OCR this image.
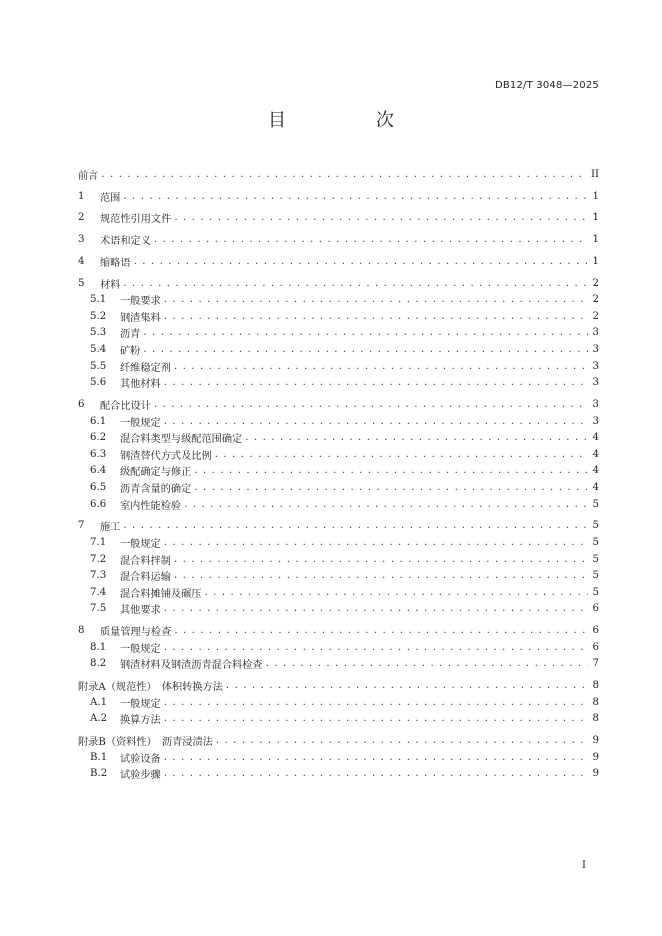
DB12/T 3048—2025
目　次
前言 . . .	II
1	范围 . . .	1
2	规范性引用文件 . . .	1
3	术语和定义 . . .	1
4	缩略语 . . .	1
5	材料 . . .	2
5.1	一般要求 . . .	2
5.2	钢渣集料 . . .	2
5.3	沥青 . . .	3
5.4	矿粉 . . .	3
5.5	纤维稳定剂 . . .	3
5.6	其他材料 . . .	3
6	配合比设计 . . .	3
6.1	一般规定 . . .	3
6.2	混合料类型与级配范围确定 . . .	4
6.3	钢渣替代方式及比例 . . .	4
6.4	级配确定与修正 . . .	4
6.5	沥青含量的确定 . . .	4
6.6	室内性能检验 . . .	5
7	施工 . . .	5
7.1	一般规定 . . .	5
7.2	混合料拌制 . . .	5
7.3	混合料运输 . . .	5
7.4	混合料摊铺及碾压 . . .	5
7.5	其他要求 . . .	6
8	质量管理与检查 . . .	6
8.1	一般规定 . . .	6
8.2	钢渣材料及钢渣沥青混合料检查 . . .	7
附录A（规范性）　体积转换方法 . . .	8
A.1	一般规定 . . .	8
A.2	换算方法 . . .	8
附录B（资料性）　沥青浸渍法 . . .	9
B.1	试验设备 . . .	9
B.2	试验步骤 . . .	9
I
